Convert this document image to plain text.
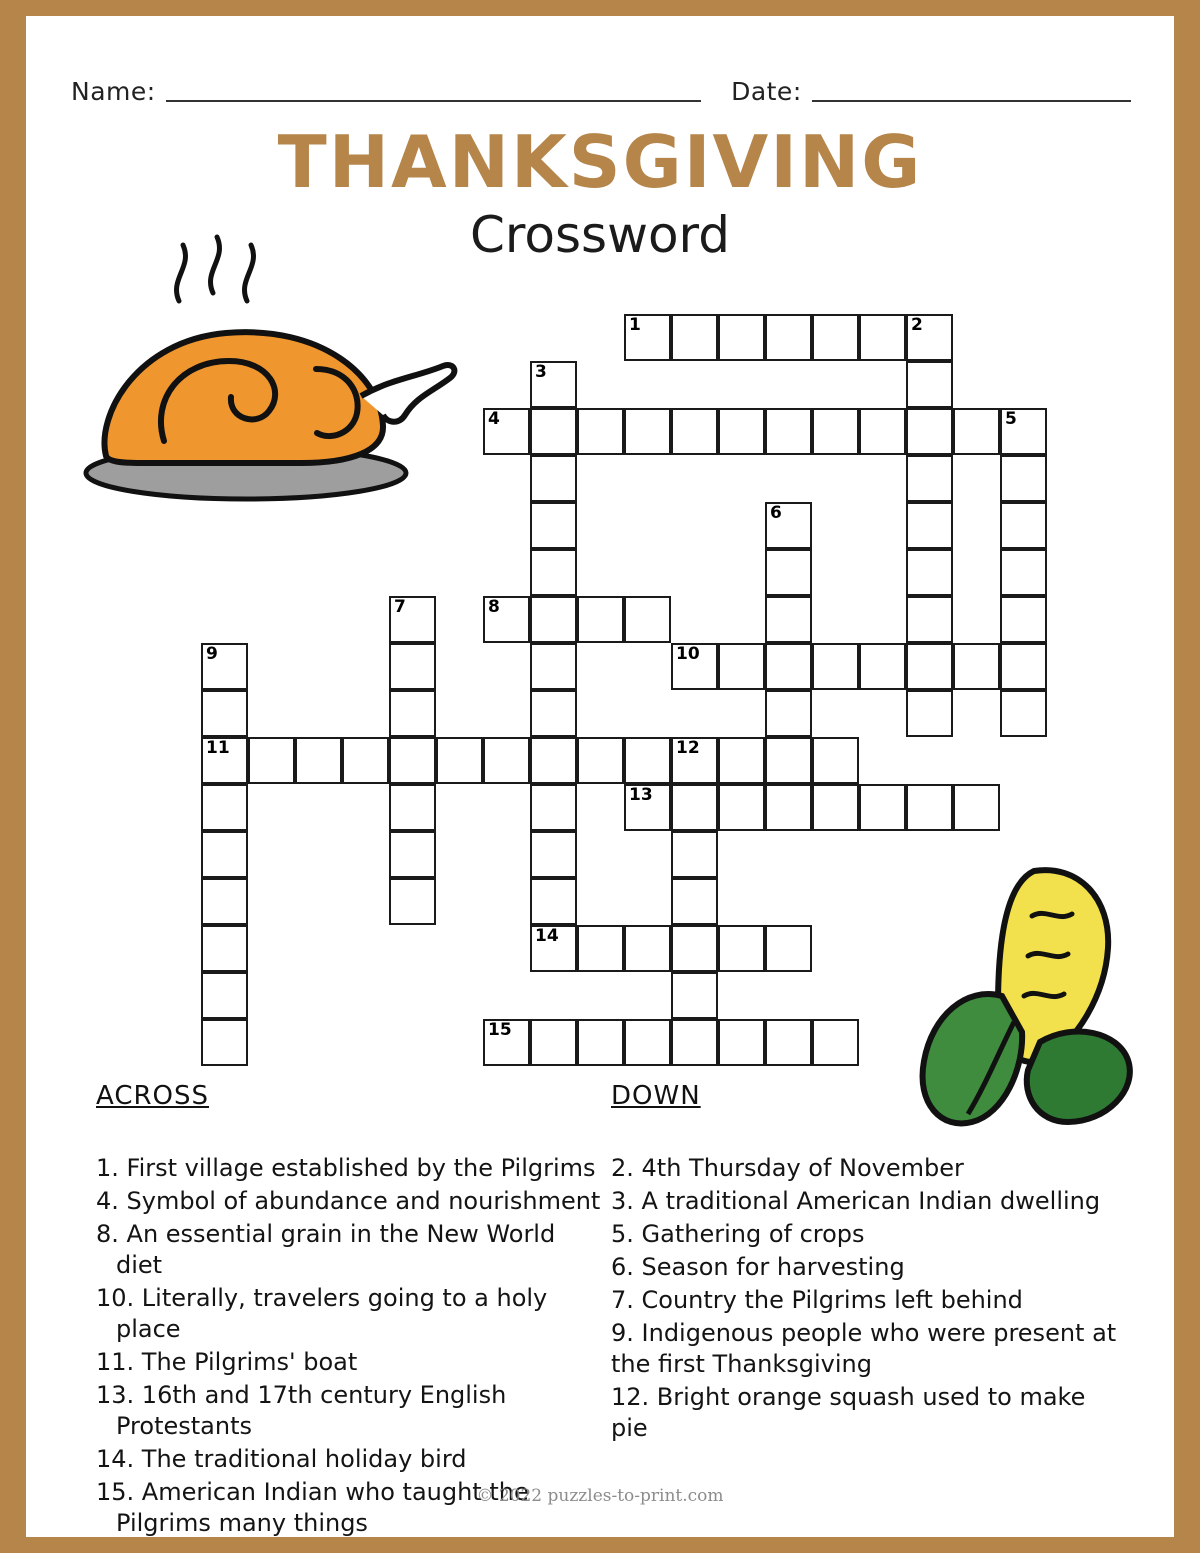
Name:	Date:
THANKSGIVING
Crossword
1	2
3
14
4	5
6
7	8
9
11
10
12
13
15
ACROSS
1. First village established by the Pilgrims
4. Symbol of abundance and nourishment
8. An essential grain in the New World diet
10. Literally, travelers going to a holy place
11. The Pilgrims' boat
13. 16th and 17th century English Protestants
14. The traditional holiday bird
15. American Indian who taught the Pilgrims many things
DOWN
2. 4th Thursday of November
3. A traditional American Indian dwelling
5. Gathering of crops
6. Season for harvesting
7. Country the Pilgrims left behind
9. Indigenous people who were present at the first Thanksgiving
12. Bright orange squash used to make pie
© 2022 puzzles-to-print.com
